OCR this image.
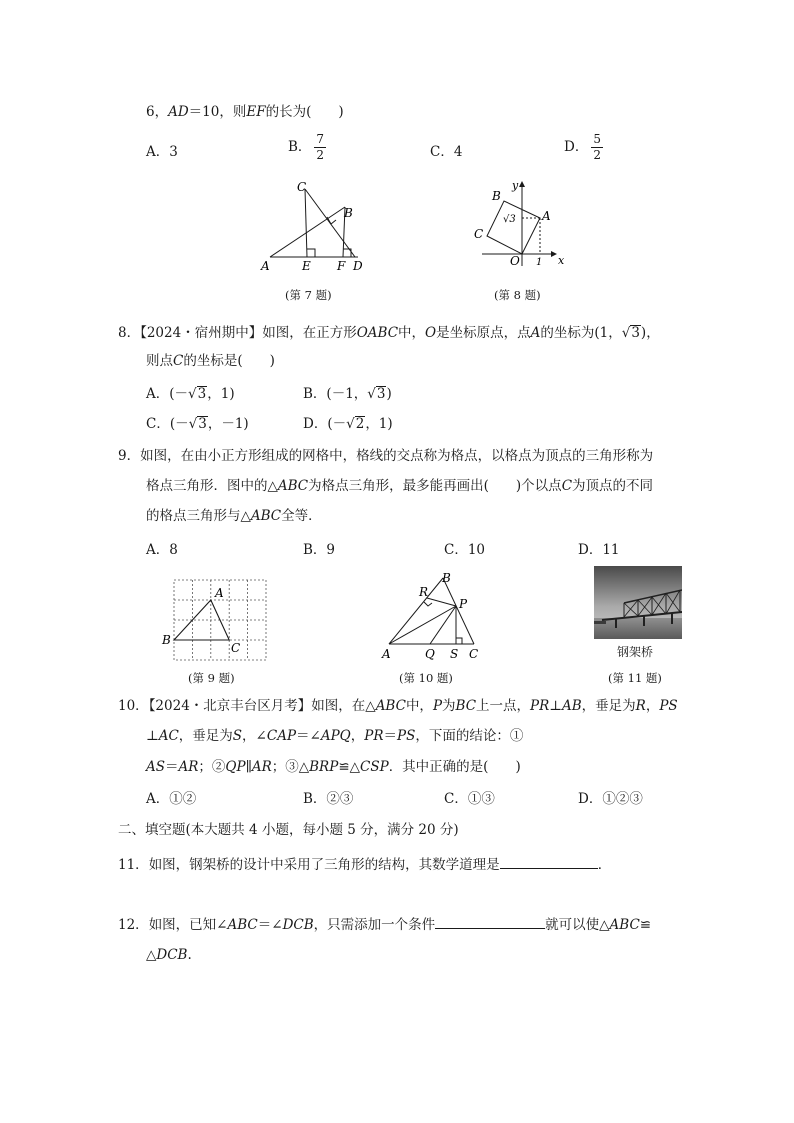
6，AD＝10，则EF的长为(　　)
A．3	B． $\frac{7}{2}$	C．4	D． $\frac{5}{2}$
A
B
C
D
E F
(第 7 题)
A
B
C
O	x
y
1
√3
(第 8 题)
8．【2024・宿州期中】如图，在正方形OABC中，O是坐标原点，点A的坐标为(1，√3)，
则点C的坐标是(　　)
A．(－√3，1)	B．(－1，√3)
C．(－√3，－1)	D．(－√2，1)
9．如图，在由小正方形组成的网格中，格线的交点称为格点，以格点为顶点的三角形称为
格点三角形．图中的△ABC为格点三角形，最多能再画出(　　)个以点C为顶点的不同
的格点三角形与△ABC全等．
A．8	B．9	C．10	D．11
A
B
C
(第 9 题)
A
B
C
P
Q
R
S
(第 10 题)
钢架桥
(第 11 题)
10．【2024・北京丰台区月考】如图，在△ABC中，P为BC上一点，PR⊥AB，垂足为R，PS
⊥AC，垂足为S，∠CAP＝∠APQ，PR＝PS，下面的结论：①
AS＝AR；②QP∥AR；③△BRP≌△CSP．其中正确的是(　　)
A．①②	B．②③	C．①③	D．①②③
二、填空题(本大题共 4 小题，每小题 5 分，满分 20 分)
11．如图，钢架桥的设计中采用了三角形的结构，其数学道理是	．
12．如图，已知∠ABC＝∠DCB，只需添加一个条件	就可以使△ABC≌
△DCB.
